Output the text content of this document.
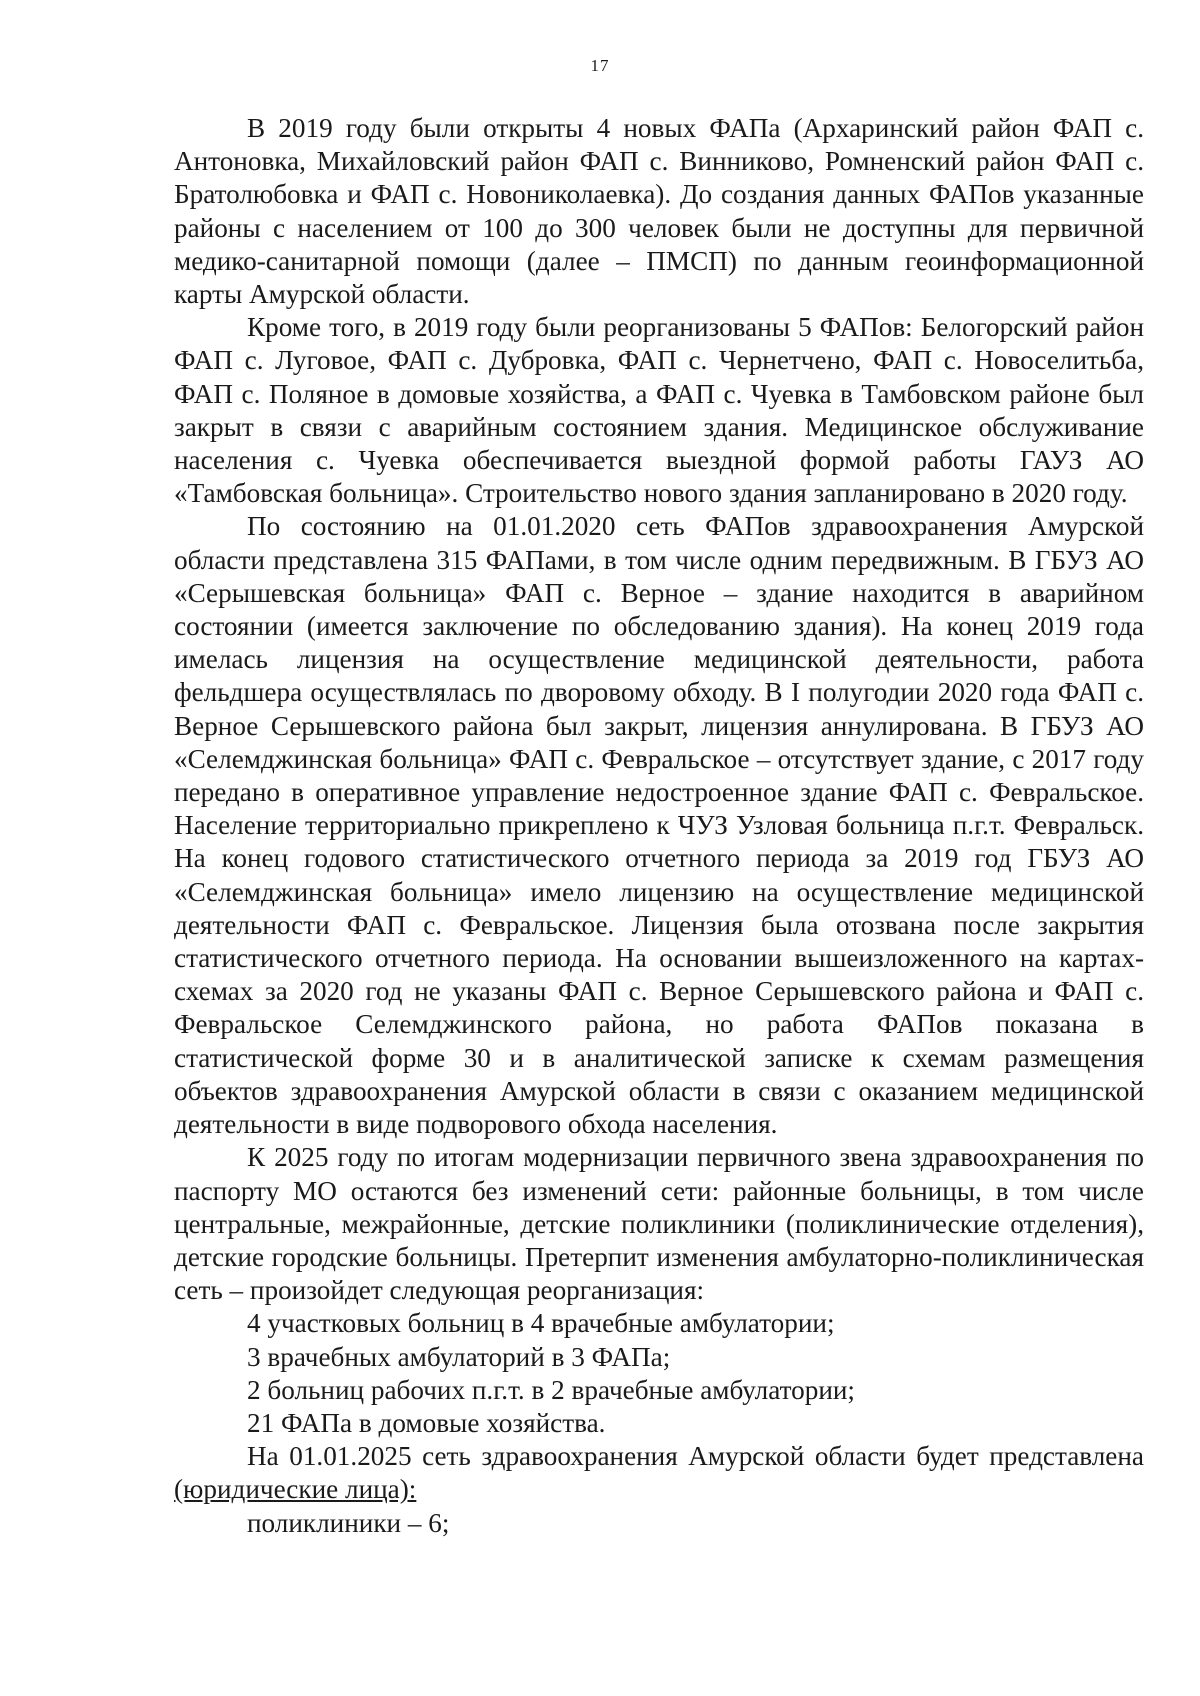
17

В 2019 году были открыты 4 новых ФАПа (Архаринский район ФАП с. Антоновка, Михайловский район ФАП с. Винниково, Ромненский район ФАП с. Братолюбовка и ФАП с. Новониколаевка). До создания данных ФАПов указанные районы с населением от 100 до 300 человек были не доступны для первичной медико-санитарной помощи (далее – ПМСП) по данным геоинформационной карты Амурской области.

Кроме того, в 2019 году были реорганизованы 5 ФАПов: Белогорский район ФАП с. Луговое, ФАП с. Дубровка, ФАП с. Чернетчено, ФАП с. Новоселитьба, ФАП с. Поляное в домовые хозяйства, а ФАП с. Чуевка в Тамбовском районе был закрыт в связи с аварийным состоянием здания. Медицинское обслуживание населения с. Чуевка обеспечивается выездной формой работы ГАУЗ АО «Тамбовская больница». Строительство нового здания запланировано в 2020 году.

По состоянию на 01.01.2020 сеть ФАПов здравоохранения Амурской области представлена 315 ФАПами, в том числе одним передвижным. В ГБУЗ АО «Серышевская больница» ФАП с. Верное – здание находится в аварийном состоянии (имеется заключение по обследованию здания). На конец 2019 года имелась лицензия на осуществление медицинской деятельности, работа фельдшера осуществлялась по дворовому обходу. В I полугодии 2020 года ФАП с. Верное Серышевского района был закрыт, лицензия аннулирована. В ГБУЗ АО «Селемджинская больница» ФАП с. Февральское – отсутствует здание, с 2017 году передано в оперативное управление недостроенное здание ФАП с. Февральское. Население территориально прикреплено к ЧУЗ Узловая больница п.г.т. Февральск. На конец годового статистического отчетного периода за 2019 год ГБУЗ АО «Селемджинская больница» имело лицензию на осуществление медицинской деятельности ФАП с. Февральское. Лицензия была отозвана после закрытия статистического отчетного периода. На основании вышеизложенного на картах-схемах за 2020 год не указаны ФАП с. Верное Серышевского района и ФАП с. Февральское Селемджинского района, но работа ФАПов показана в статистической форме 30 и в аналитической записке к схемам размещения объектов здравоохранения Амурской области в связи с оказанием медицинской деятельности в виде подворового обхода населения.

К 2025 году по итогам модернизации первичного звена здравоохранения по паспорту МО остаются без изменений сети: районные больницы, в том числе центральные, межрайонные, детские поликлиники (поликлинические отделения), детские городские больницы. Претерпит изменения амбулаторно-поликлиническая сеть – произойдет следующая реорганизация:

4 участковых больниц в 4 врачебные амбулатории;

3 врачебных амбулаторий в 3 ФАПа;

2 больниц рабочих п.г.т. в 2 врачебные амбулатории;

21 ФАПа в домовые хозяйства.

На 01.01.2025 сеть здравоохранения Амурской области будет представлена (юридические лица):

поликлиники – 6;
